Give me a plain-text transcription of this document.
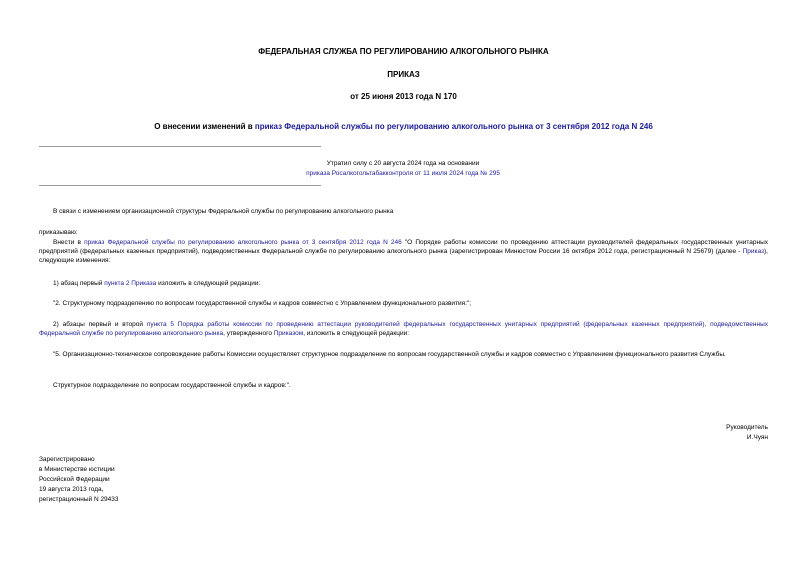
ФЕДЕРАЛЬНАЯ СЛУЖБА ПО РЕГУЛИРОВАНИЮ АЛКОГОЛЬНОГО РЫНКА
ПРИКАЗ
от 25 июня 2013 года N 170
О внесении изменений в приказ Федеральной службы по регулированию алкогольного рынка от 3 сентября 2012 года N 246
Утратил силу с 20 августа 2024 года на основании
приказа Росалкогольтабакконтроля от 11 июля 2024 года № 295
В связи с изменением организационной структуры Федеральной службы по регулированию алкогольного рынка
приказываю:
Внести в приказ Федеральной службы по регулированию алкогольного рынка от 3 сентября 2012 года N 246 "О Порядке работы комиссии по проведению аттестации руководителей федеральных государственных унитарных предприятий (федеральных казенных предприятий), подведомственных Федеральной службе по регулированию алкогольного рынка (зарегистрирован Минюстом России 16 октября 2012 года, регистрационный N 25679) (далее - Приказ), следующие изменения:
1) абзац первый пункта 2 Приказа изложить в следующей редакции:
"2. Структурному подразделению по вопросам государственной службы и кадров совместно с Управлением функционального развития:";
2) абзацы первый и второй пункта 5 Порядка работы комиссии по проведению аттестации руководителей федеральных государственных унитарных предприятий (федеральных казенных предприятий), подведомственных Федеральной службе по регулированию алкогольного рынка, утвержденного Приказом, изложить в следующей редакции:
"5. Организационно-техническое сопровождение работы Комиссии осуществляет структурное подразделение по вопросам государственной службы и кадров совместно с Управлением функционального развития Службы.
Структурное подразделение по вопросам государственной службы и кадров:".
Руководитель
И.Чуян
Зарегистрировано
в Министерстве юстиции
Российской Федерации
19 августа 2013 года,
регистрационный N 29433
